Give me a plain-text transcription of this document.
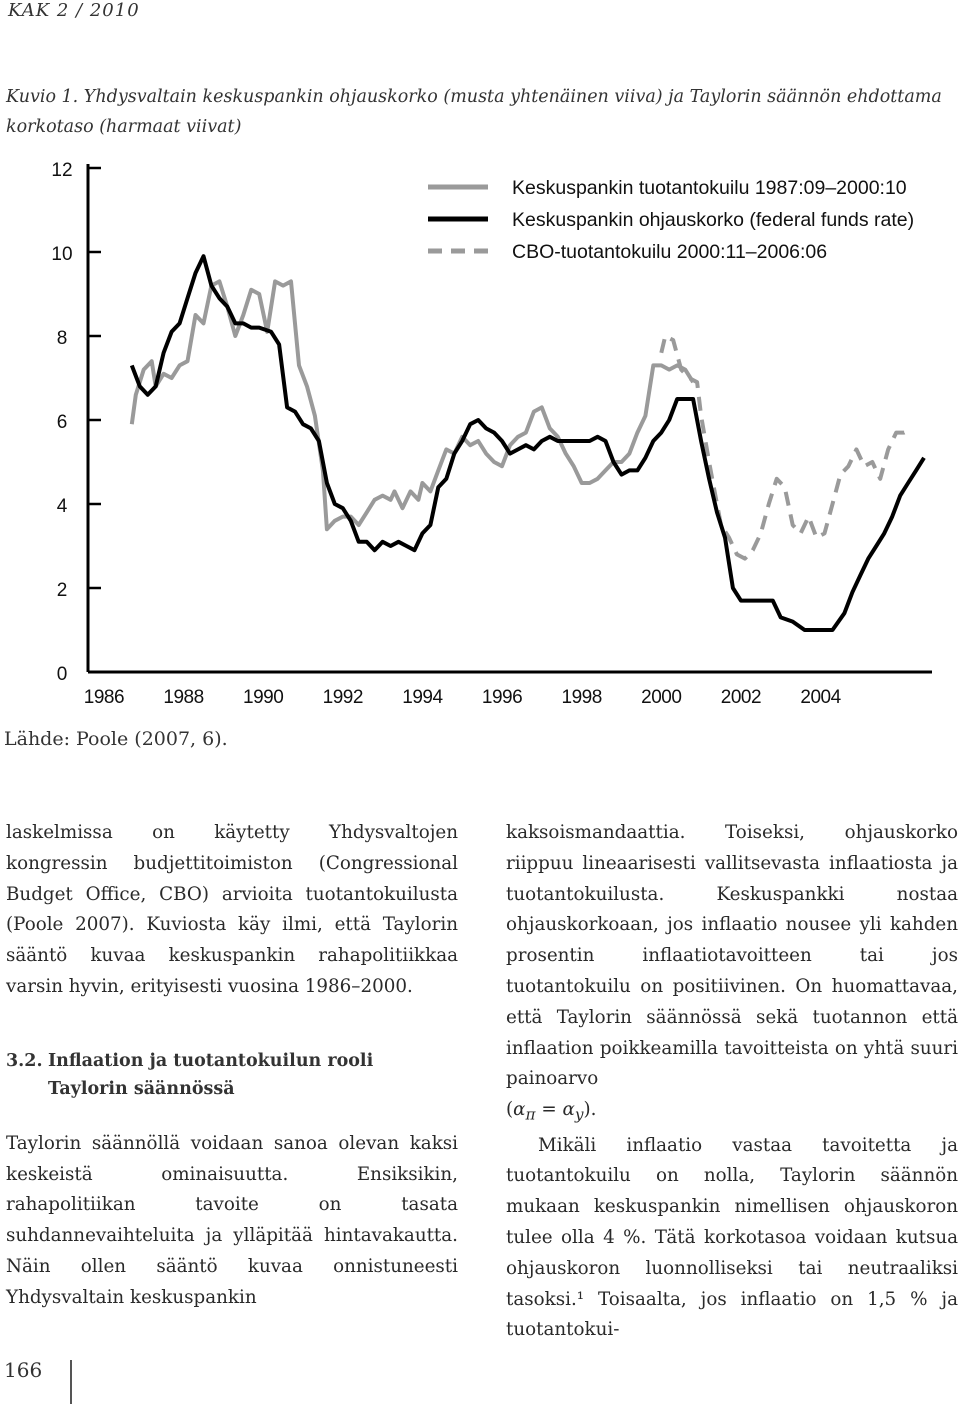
KAK 2 / 2010
Kuvio 1. Yhdysvaltain keskuspankin ohjauskorko (musta yhtenäinen viiva) ja Taylorin säännön ehdottama korkotaso (harmaat viivat)
0
2
4
6
8
10
12
1986 1988 1990 1992 1994 1996 1998 2000 2002 2004
Keskuspankin tuotantokuilu 1987:09–2000:10
Keskuspankin ohjauskorko (federal funds rate)
CBO-tuotantokuilu 2000:11–2006:06
Lähde: Poole (2007, 6).

laskelmissa on käytetty Yhdysvaltojen kongressin budjettitoimiston (Congressional Budget Office, CBO) arvioita tuotantokuilusta (Poole 2007). Kuviosta käy ilmi, että Taylorin sääntö kuvaa keskuspankin rahapolitiikkaa varsin hyvin, erityisesti vuosina 1986–2000.

3.2. Inflaation ja tuotantokuilun rooli Taylorin säännössä

Taylorin säännöllä voidaan sanoa olevan kaksi keskeistä ominaisuutta. Ensiksikin, rahapolitiikan tavoite on tasata suhdannevaihteluita ja ylläpitää hintavakautta. Näin ollen sääntö kuvaa onnistuneesti Yhdysvaltain keskuspankin

kaksoismandaattia. Toiseksi, ohjauskorko riippuu lineaarisesti vallitsevasta inflaatiosta ja tuotantokuilusta. Keskuspankki nostaa ohjauskorkoaan, jos inflaatio nousee yli kahden prosentin inflaatiotavoitteen tai jos tuotantokuilu on positiivinen. On huomattavaa, että Taylorin säännössä sekä tuotannon että inflaation poikkeamilla tavoitteista on yhtä suuri painoarvo

$(\alpha_\pi = \alpha_y)$.

Mikäli inflaatio vastaa tavoitetta ja tuotantokuilu on nolla, Taylorin säännön mukaan keskuspankin nimellisen ohjauskoron tulee olla 4 %. Tätä korkotasoa voidaan kutsua ohjauskoron luonnolliseksi tai neutraaliksi tasoksi.¹ Toisaalta, jos inflaatio on 1,5 % ja tuotantokui-

166
